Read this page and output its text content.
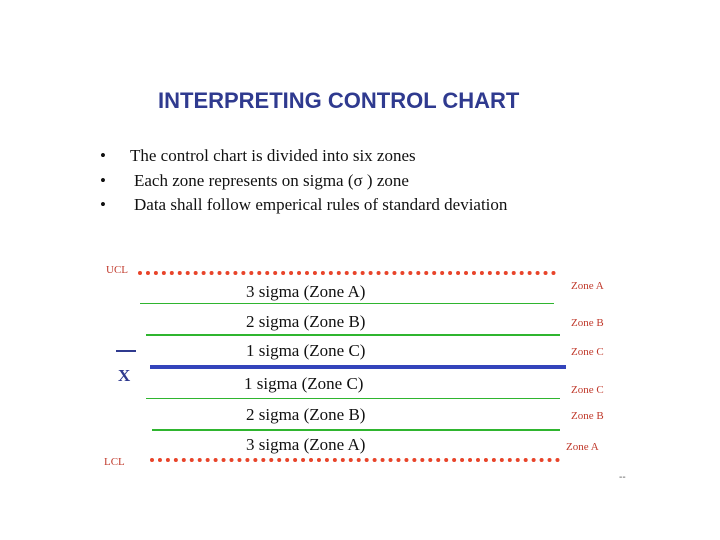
INTERPRETING CONTROL CHART
• The control chart is divided into six zones
• Each zone represents on sigma (σ ) zone
• Data shall follow emperical rules of standard deviation
UCL
3 sigma (Zone A)	Zone A
2 sigma (Zone B)	Zone B
1 sigma (Zone C)	Zone C
X	1 sigma (Zone C)	Zone C
2 sigma (Zone B)	Zone B
3 sigma (Zone A)	Zone A
LCL
--
